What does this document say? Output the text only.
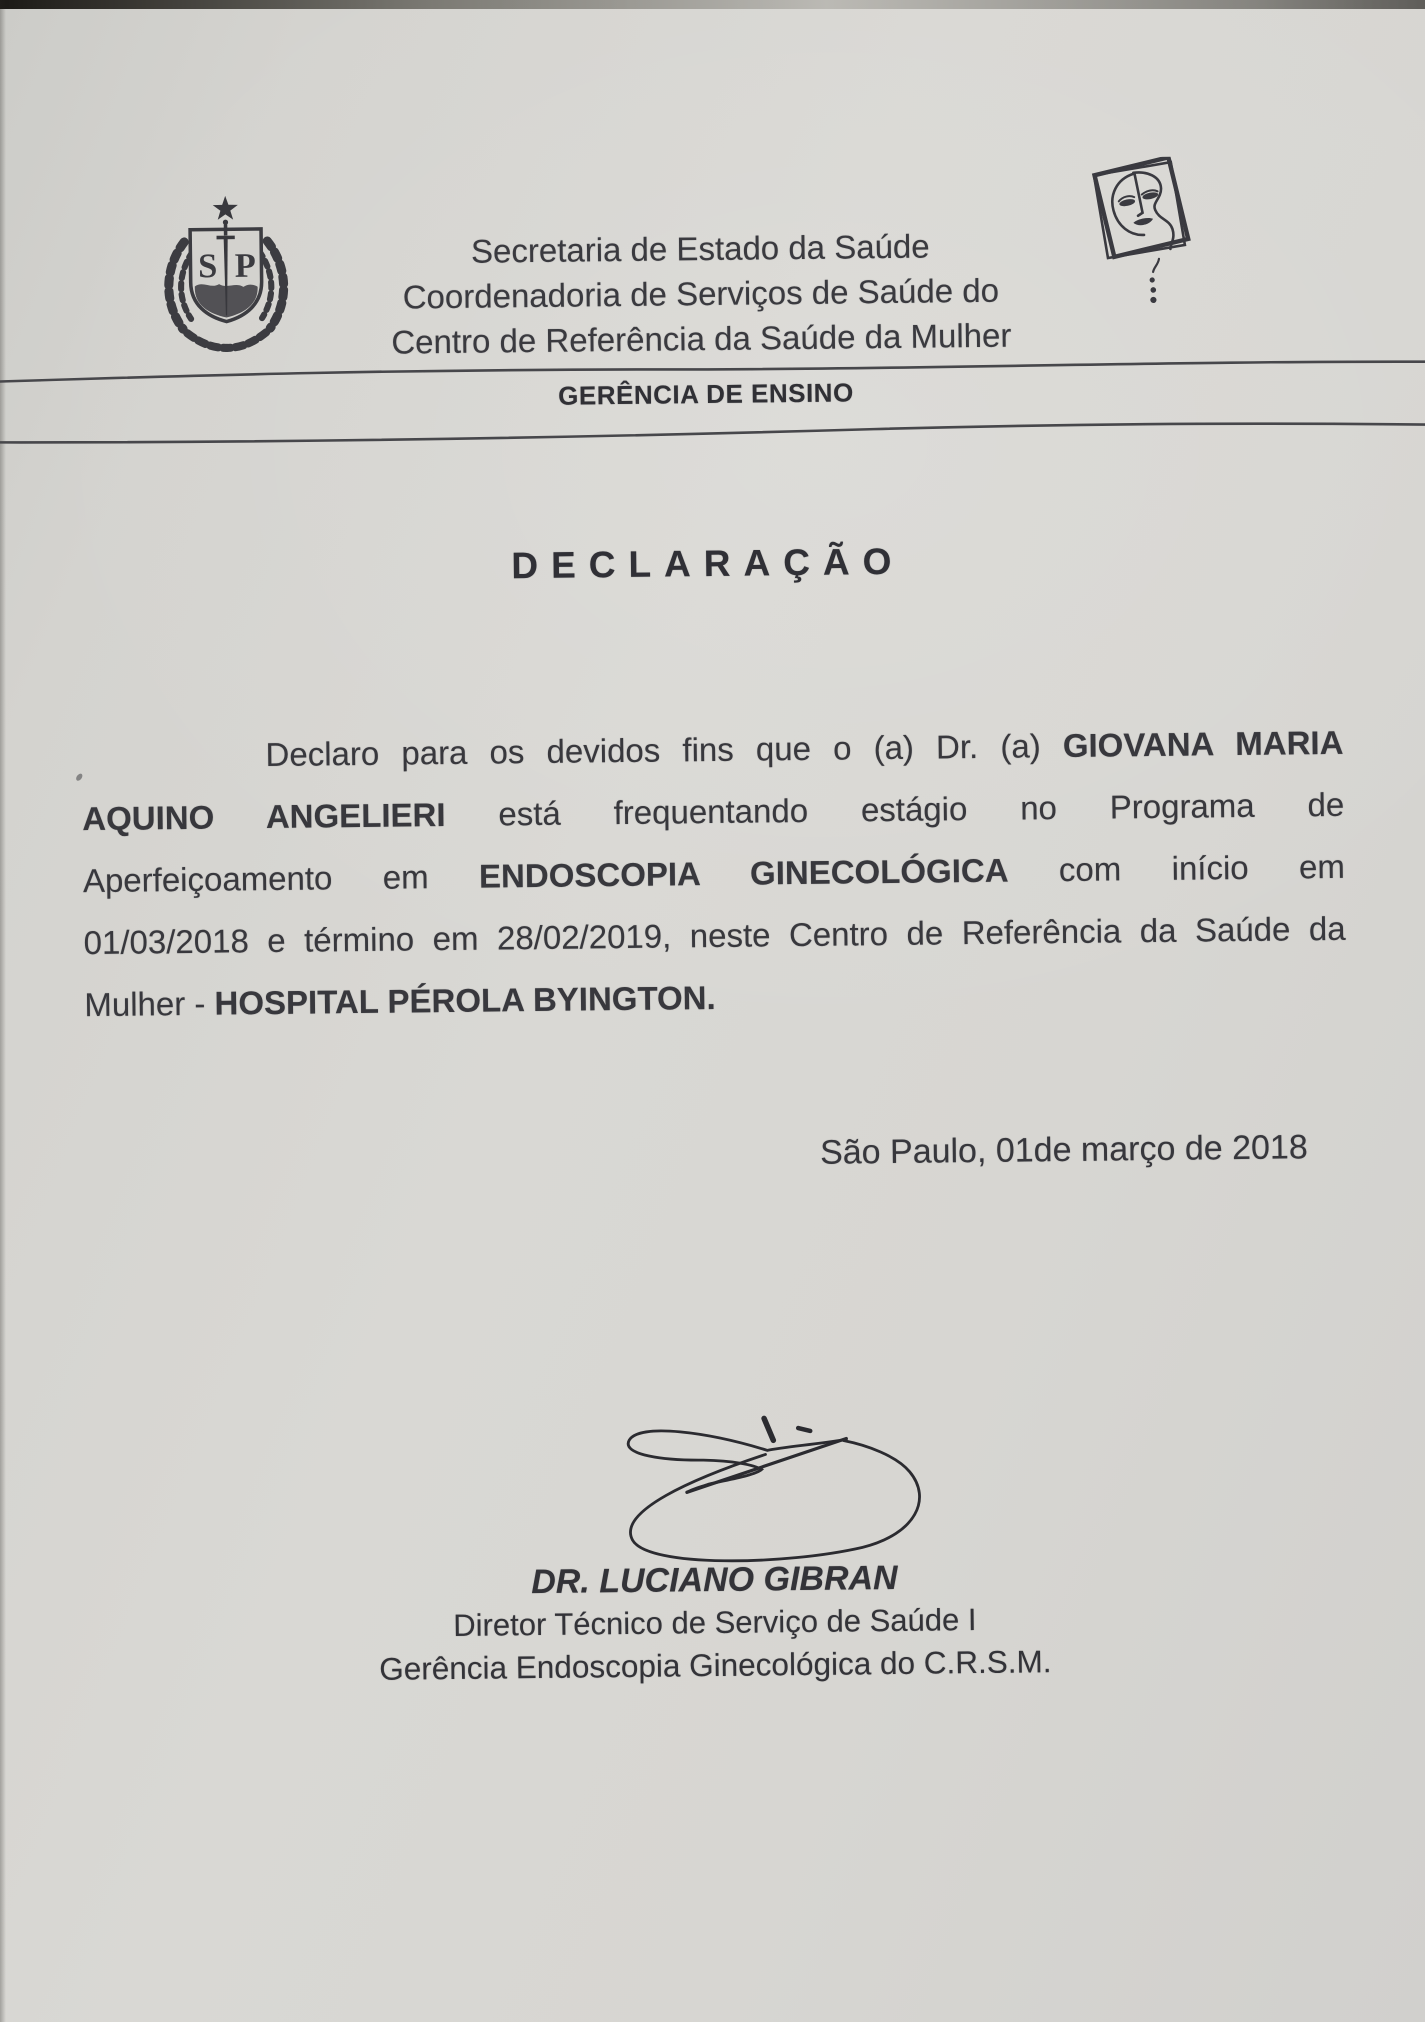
S P	Secretaria de Estado da Saúde
Coordenadoria de Serviços de Saúde do
Centro de Referência da Saúde da Mulher
GERÊNCIA DE ENSINO
DECLARAÇÃO
Declaro para os devidos fins que o (a) Dr. (a) GIOVANA MARIA
AQUINO ANGELIERI está frequentando estágio no Programa de
Aperfeiçoamento em ENDOSCOPIA GINECOLÓGICA com início em
01/03/2018 e término em 28/02/2019, neste Centro de Referência da Saúde da
Mulher - HOSPITAL PÉROLA BYINGTON.
São Paulo, 01de março de 2018
DR. LUCIANO GIBRAN
Diretor Técnico de Serviço de Saúde I
Gerência Endoscopia Ginecológica do C.R.S.M.
